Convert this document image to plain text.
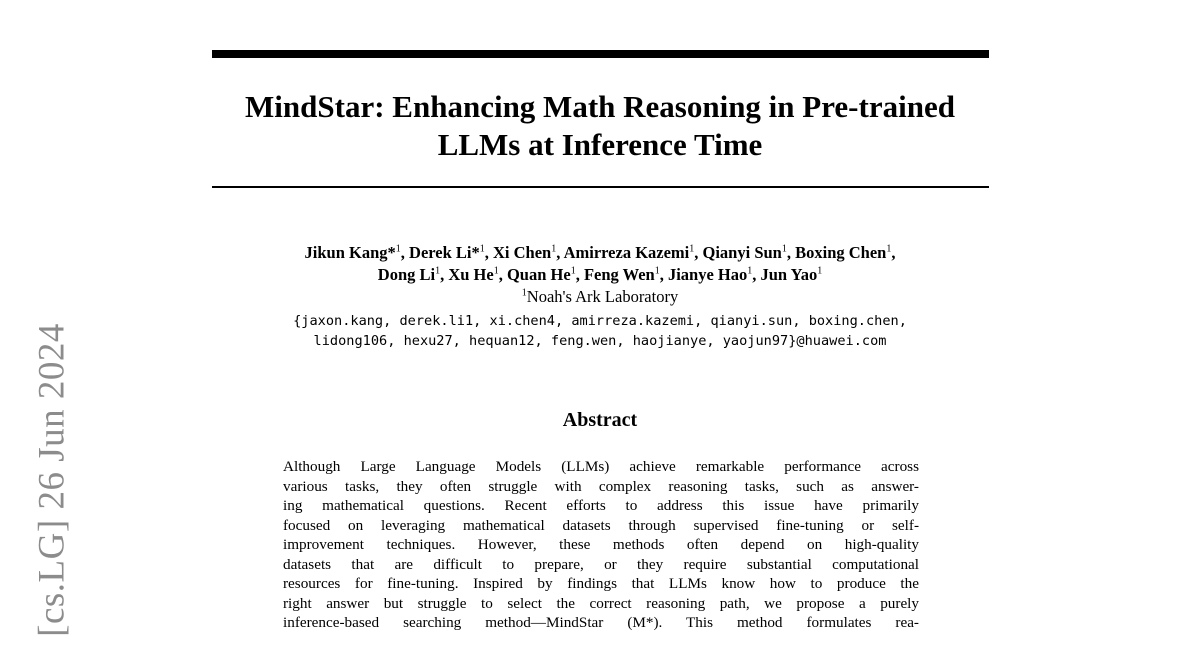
[cs.LG] 26 Jun 2024
MindStar: Enhancing Math Reasoning in Pre-trained
LLMs at Inference Time
Jikun Kang*$^1$, Derek Li*$^1$, Xi Chen$^1$, Amirreza Kazemi$^1$, Qianyi Sun$^1$, Boxing Chen$^1$,
Dong Li$^1$, Xu He$^1$, Quan He$^1$, Feng Wen$^1$, Jianye Hao$^1$, Jun Yao$^1$
$^1$Noah's Ark Laboratory
{jaxon.kang, derek.li1, xi.chen4, amirreza.kazemi, qianyi.sun, boxing.chen,
lidong106, hexu27, hequan12, feng.wen, haojianye, yaojun97}@huawei.com
Abstract
Although Large Language Models (LLMs) achieve remarkable performance across
various tasks, they often struggle with complex reasoning tasks, such as answer-
ing mathematical questions. Recent efforts to address this issue have primarily
focused on leveraging mathematical datasets through supervised fine-tuning or self-
improvement techniques. However, these methods often depend on high-quality
datasets that are difficult to prepare, or they require substantial computational
resources for fine-tuning. Inspired by findings that LLMs know how to produce the
right answer but struggle to select the correct reasoning path, we propose a purely
inference-based searching method—MindStar (M*). This method formulates rea-
